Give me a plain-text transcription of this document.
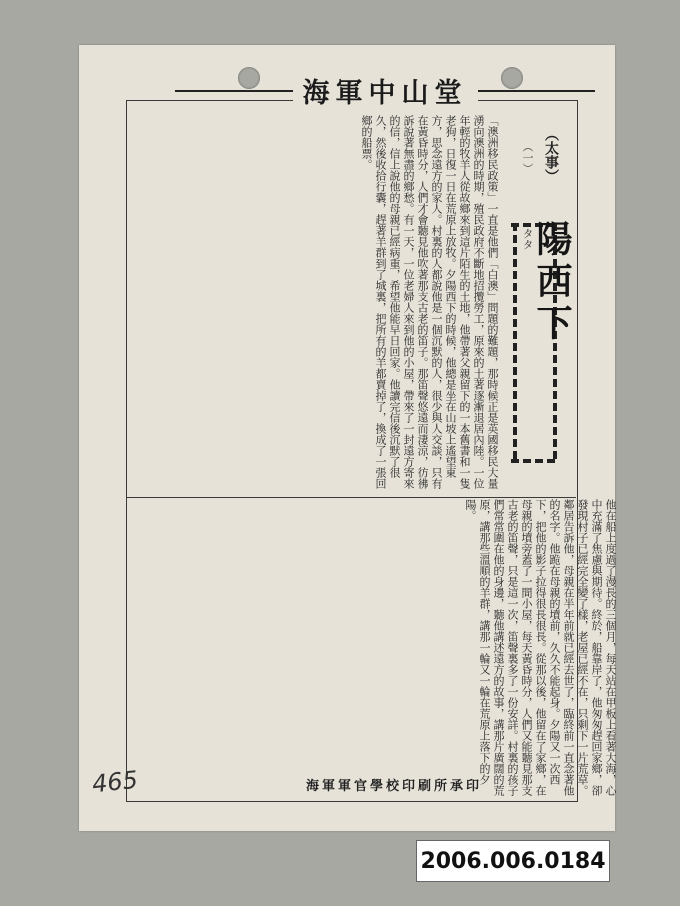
海軍中山堂
（太事）
（一）
陽西下
タタ
「澳洲移民政策」一直是他們「白澳」問題的難題，那時候正是英國移民大量湧向澳洲的時期，殖民政府不斷地招攬勞工，原來的土著逐漸退居內陸。一位年輕的牧羊人從故鄉來到這片陌生的土地，他帶著父親留下的一本舊書和一隻老狗，日復一日在荒原上放牧。夕陽西下的時候，他總是坐在山坡上遙望東方，思念遠方的家人。村裏的人都說他是一個沉默的人，很少與人交談，只有在黃昏時分，人們才會聽見他吹著那支古老的笛子。那笛聲悠遠而淒涼，彷彿訴說著無盡的鄉愁。有一天，一位老婦人來到他的小屋，帶來了一封遠方寄來的信，信上說他的母親已經病重，希望他能早日回家。他讀完信後沉默了很久，然後收拾行囊，趕著羊群到了城裏，把所有的羊都賣掉了，換成了一張回鄉的船票。
他在船上度過了漫長的三個月，每天站在甲板上看著大海，心中充滿了焦慮與期待。終於，船靠岸了，他匆匆趕回家鄉，卻發現村子已經完全變了樣，老屋已經不在，只剩下一片荒草。鄰居告訴他，母親在半年前就已經去世了，臨終前一直念著他的名字。他跪在母親的墳前，久久不能起身。夕陽又一次西下，把他的影子拉得很長很長。從那以後，他留在了家鄉，在母親的墳旁蓋了一間小屋，每天黃昏時分，人們又能聽見那支古老的笛聲，只是這一次，笛聲裏多了一份安詳。村裏的孩子們常常圍在他的身邊，聽他講述遠方的故事，講那片廣闊的荒原，講那些溫順的羊群，講那一輪又一輪在荒原上落下的夕陽。
海軍軍官學校印刷所承印
465
2006.006.0184
